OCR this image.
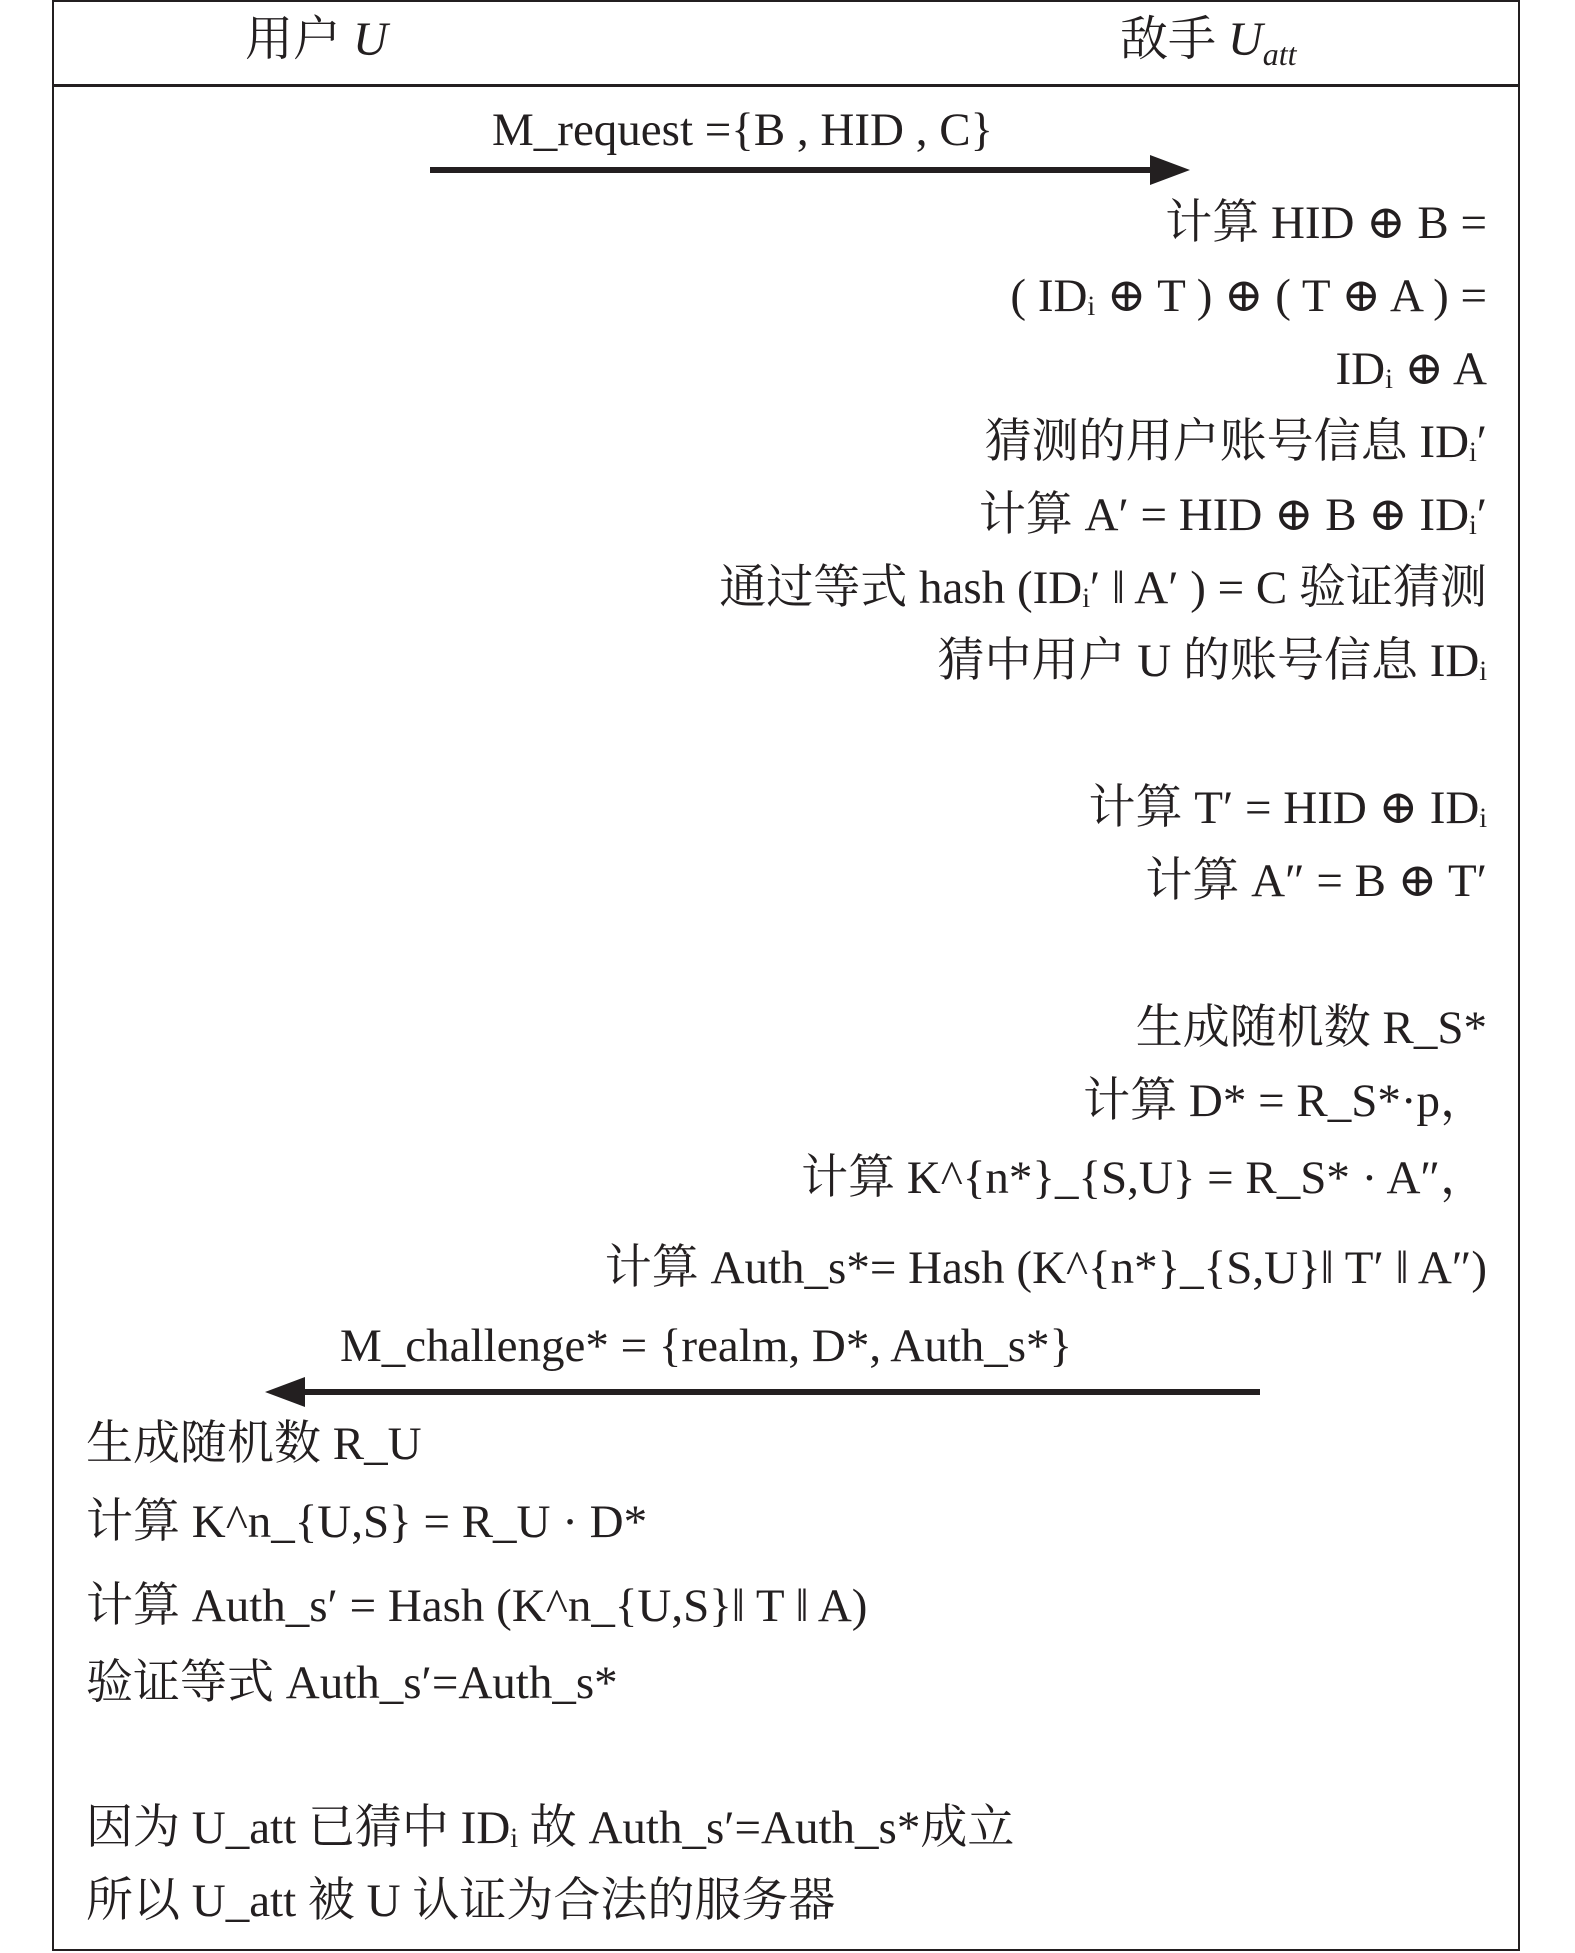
用户 U	敌手 $U_{att}$
M_request ={B , HID , C}
计算 HID ⊕ B =
( IDᵢ ⊕ T ) ⊕ ( T ⊕ A ) =
IDᵢ ⊕ A
猜测的用户账号信息 IDᵢ′
计算 A′ = HID ⊕ B ⊕ IDᵢ′
通过等式 hash (IDᵢ′ ‖ A′ ) = C 验证猜测
猜中用户 U 的账号信息 IDᵢ
计算 T′ = HID ⊕ IDᵢ
计算 A″ = B ⊕ T′
生成随机数 R_S*
计算 D* = R_S*·p，
计算 K^{n*}_{S,U} = R_S* · A″，
计算 Auth_s*= Hash (K^{n*}_{S,U}‖ T′ ‖ A″)
M_challenge* = {realm, D*, Auth_s*}
生成随机数 R_U
计算 K^n_{U,S} = R_U · D*
计算 Auth_s′ = Hash (K^n_{U,S}‖ T ‖ A)
验证等式 Auth_s′=Auth_s*
因为 U_att 已猜中 IDᵢ 故 Auth_s′=Auth_s*成立
所以 U_att 被 U 认证为合法的服务器
